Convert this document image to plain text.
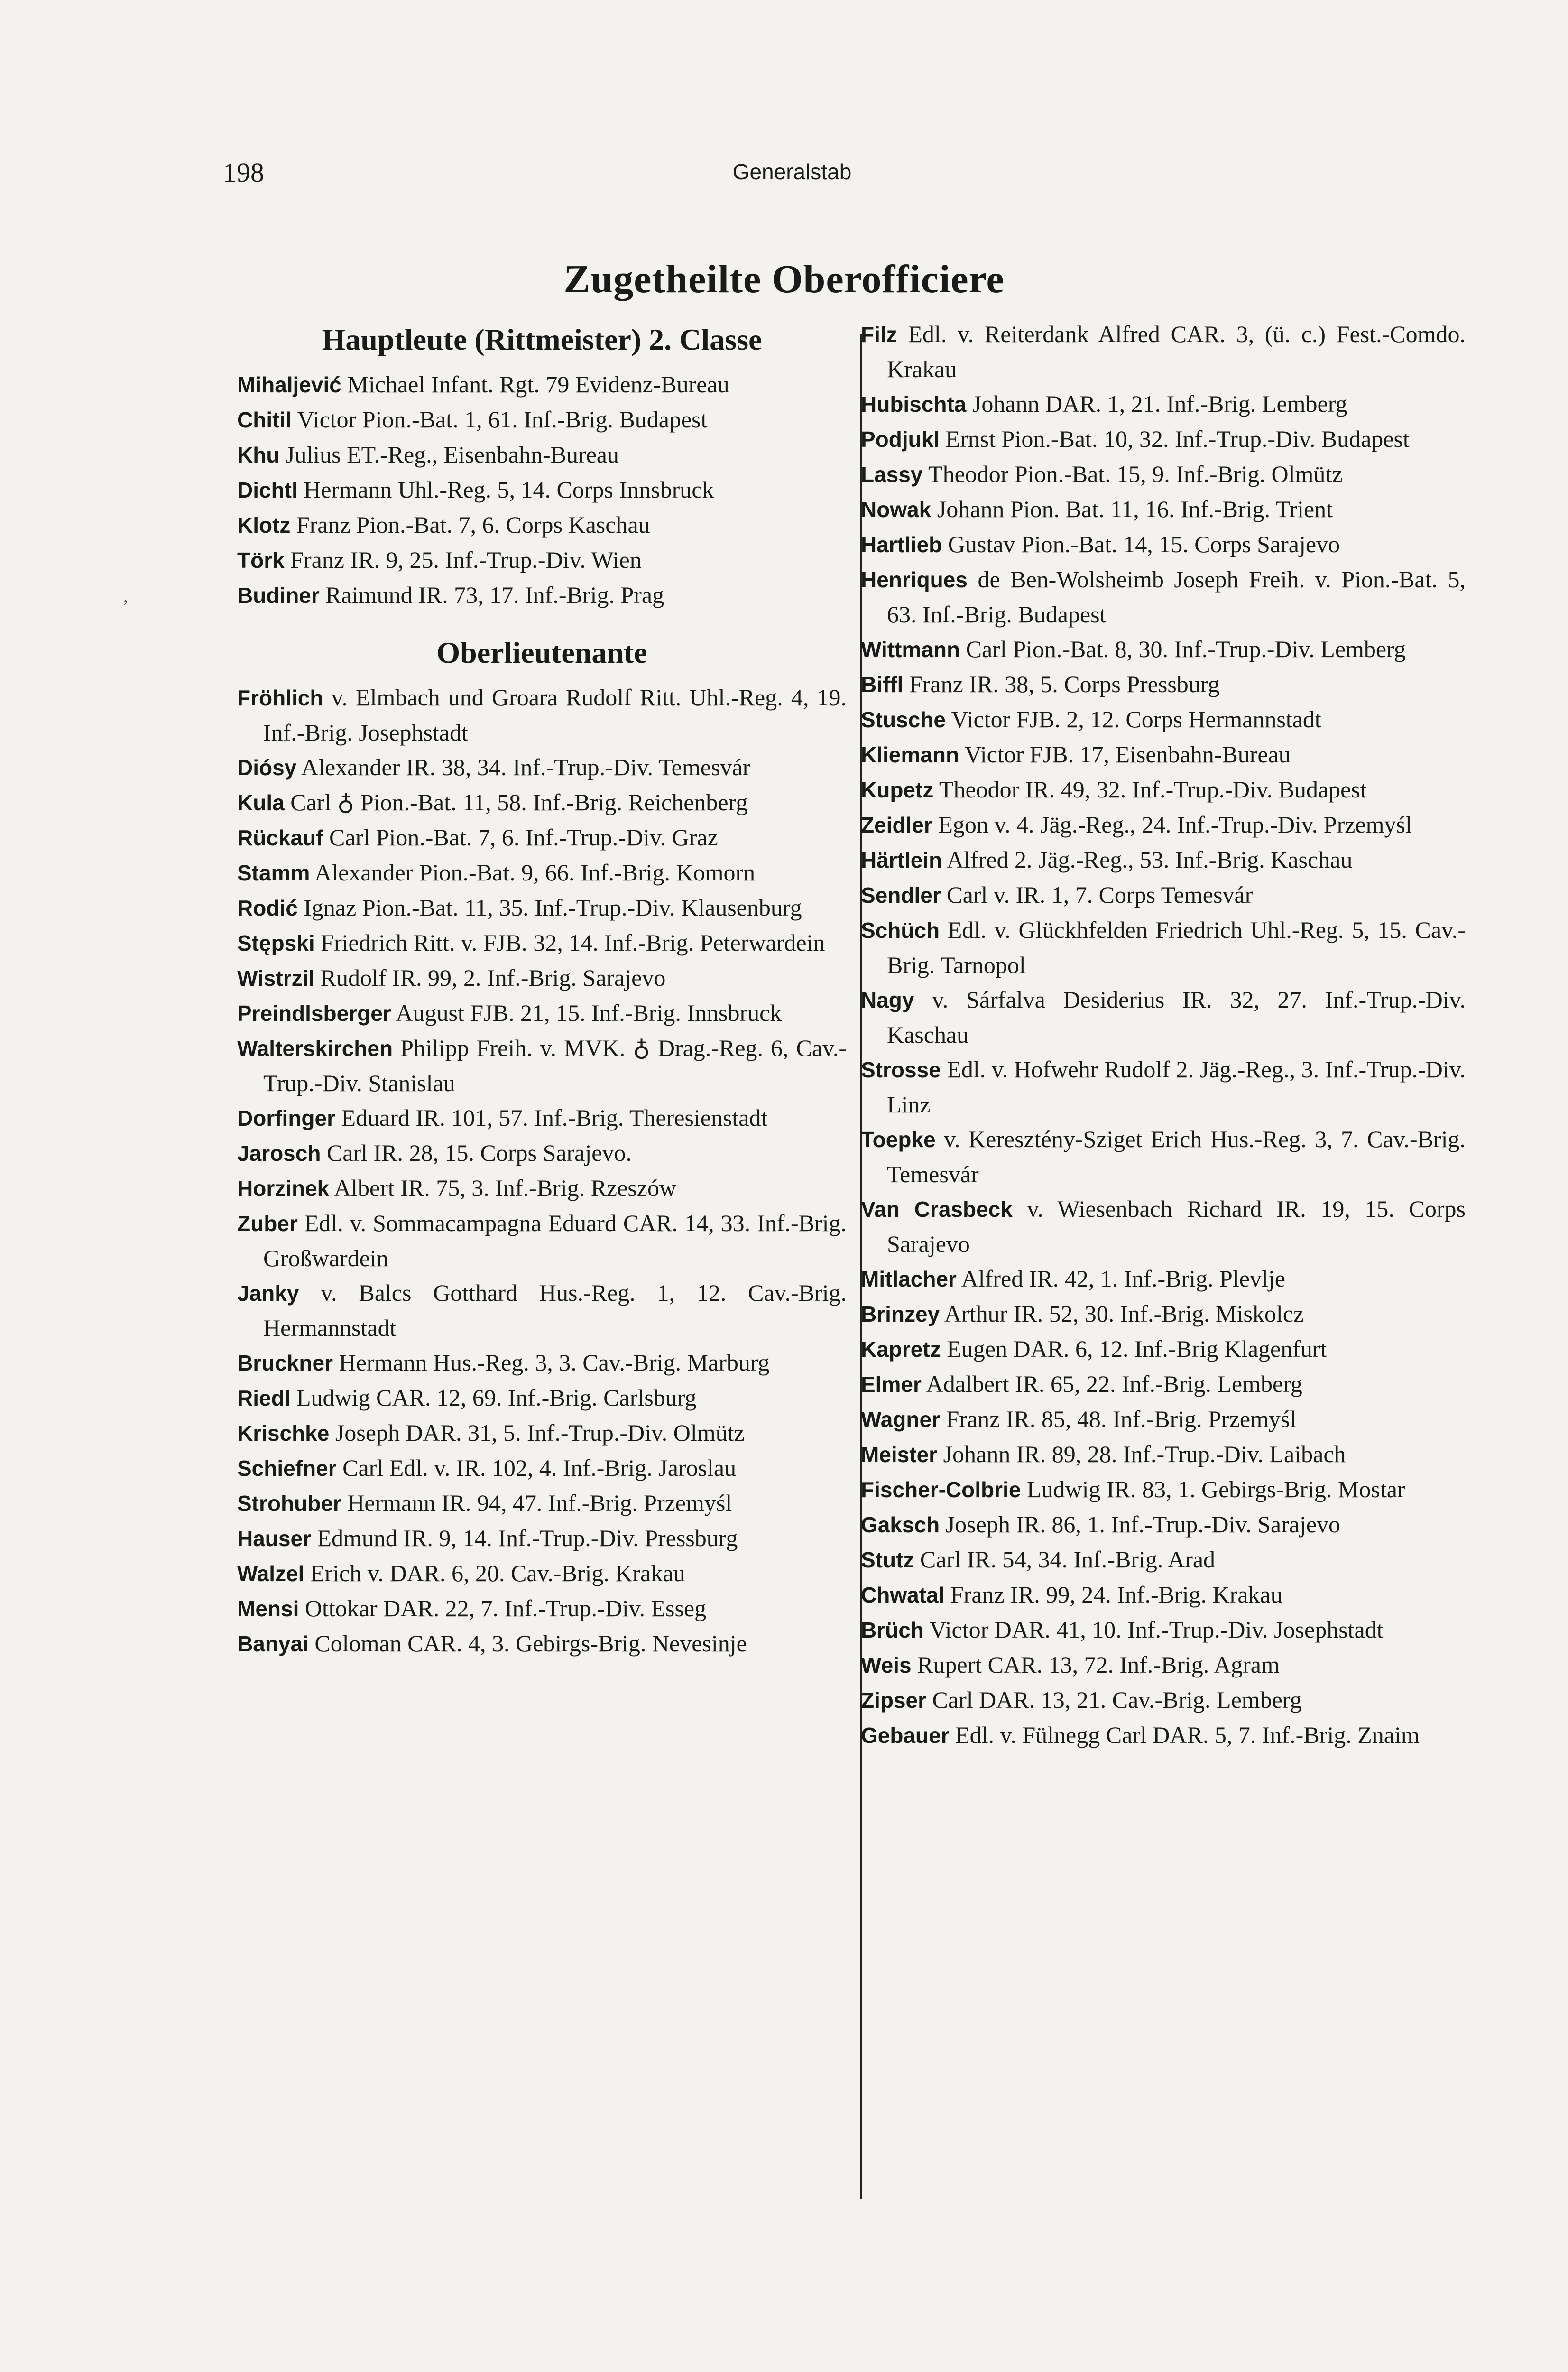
198	Generalstab
Zugetheilte Oberofficiere
ʼ
Hauptleute (Rittmeister) 2. Classe
Mihaljević Michael Infant. Rgt. 79 Evidenz-Bureau
Chitil Victor Pion.-Bat. 1, 61. Inf.-Brig. Budapest
Khu Julius ET.-Reg., Eisenbahn-Bureau
Dichtl Hermann Uhl.-Reg. 5, 14. Corps Innsbruck
Klotz Franz Pion.-Bat. 7, 6. Corps Kaschau
Törk Franz IR. 9, 25. Inf.-Trup.-Div. Wien
Budiner Raimund IR. 73, 17. Inf.-Brig. Prag
Oberlieutenante
Fröhlich v. Elmbach und Groara Rudolf Ritt. Uhl.-Reg. 4, 19. Inf.-Brig. Josephstadt
Diósy Alexander IR. 38, 34. Inf.-Trup.-Div. Temesvár
Kula Carl ♁ Pion.-Bat. 11, 58. Inf.-Brig. Reichenberg
Rückauf Carl Pion.-Bat. 7, 6. Inf.-Trup.-Div. Graz
Stamm Alexander Pion.-Bat. 9, 66. Inf.-Brig. Komorn
Rodić Ignaz Pion.-Bat. 11, 35. Inf.-Trup.-Div. Klausenburg
Stępski Friedrich Ritt. v. FJB. 32, 14. Inf.-Brig. Peterwardein
Wistrzil Rudolf IR. 99, 2. Inf.-Brig. Sarajevo
Preindlsberger August FJB. 21, 15. Inf.-Brig. Innsbruck
Walterskirchen Philipp Freih. v. MVK. ♁ Drag.-Reg. 6, Cav.-Trup.-Div. Stanislau
Dorfinger Eduard IR. 101, 57. Inf.-Brig. Theresienstadt
Jarosch Carl IR. 28, 15. Corps Sarajevo.
Horzinek Albert IR. 75, 3. Inf.-Brig. Rzeszów
Zuber Edl. v. Sommacampagna Eduard CAR. 14, 33. Inf.-Brig. Großwardein
Janky v. Balcs Gotthard Hus.-Reg. 1, 12. Cav.-Brig. Hermannstadt
Bruckner Hermann Hus.-Reg. 3, 3. Cav.-Brig. Marburg
Riedl Ludwig CAR. 12, 69. Inf.-Brig. Carlsburg
Krischke Joseph DAR. 31, 5. Inf.-Trup.-Div. Olmütz
Schiefner Carl Edl. v. IR. 102, 4. Inf.-Brig. Jaroslau
Strohuber Hermann IR. 94, 47. Inf.-Brig. Przemyśl
Hauser Edmund IR. 9, 14. Inf.-Trup.-Div. Pressburg
Walzel Erich v. DAR. 6, 20. Cav.-Brig. Krakau
Mensi Ottokar DAR. 22, 7. Inf.-Trup.-Div. Esseg
Banyai Coloman CAR. 4, 3. Gebirgs-Brig. Nevesinje
Filz Edl. v. Reiterdank Alfred CAR. 3, (ü. c.) Fest.-Comdo. Krakau
Hubischta Johann DAR. 1, 21. Inf.-Brig. Lemberg
Podjukl Ernst Pion.-Bat. 10, 32. Inf.-Trup.-Div. Budapest
Lassy Theodor Pion.-Bat. 15, 9. Inf.-Brig. Olmütz
Nowak Johann Pion. Bat. 11, 16. Inf.-Brig. Trient
Hartlieb Gustav Pion.-Bat. 14, 15. Corps Sarajevo
Henriques de Ben-Wolsheimb Joseph Freih. v. Pion.-Bat. 5, 63. Inf.-Brig. Budapest
Wittmann Carl Pion.-Bat. 8, 30. Inf.-Trup.-Div. Lemberg
Biffl Franz IR. 38, 5. Corps Pressburg
Stusche Victor FJB. 2, 12. Corps Hermannstadt
Kliemann Victor FJB. 17, Eisenbahn-Bureau
Kupetz Theodor IR. 49, 32. Inf.-Trup.-Div. Budapest
Zeidler Egon v. 4. Jäg.-Reg., 24. Inf.-Trup.-Div. Przemyśl
Härtlein Alfred 2. Jäg.-Reg., 53. Inf.-Brig. Kaschau
Sendler Carl v. IR. 1, 7. Corps Temesvár
Schüch Edl. v. Glückhfelden Friedrich Uhl.-Reg. 5, 15. Cav.-Brig. Tarnopol
Nagy v. Sárfalva Desiderius IR. 32, 27. Inf.-Trup.-Div. Kaschau
Strosse Edl. v. Hofwehr Rudolf 2. Jäg.-Reg., 3. Inf.-Trup.-Div. Linz
Toepke v. Keresztény-Sziget Erich Hus.-Reg. 3, 7. Cav.-Brig. Temesvár
Van Crasbeck v. Wiesenbach Richard IR. 19, 15. Corps Sarajevo
Mitlacher Alfred IR. 42, 1. Inf.-Brig. Plevlje
Brinzey Arthur IR. 52, 30. Inf.-Brig. Miskolcz
Kapretz Eugen DAR. 6, 12. Inf.-Brig Klagenfurt
Elmer Adalbert IR. 65, 22. Inf.-Brig. Lemberg
Wagner Franz IR. 85, 48. Inf.-Brig. Przemyśl
Meister Johann IR. 89, 28. Inf.-Trup.-Div. Laibach
Fischer-Colbrie Ludwig IR. 83, 1. Gebirgs-Brig. Mostar
Gaksch Joseph IR. 86, 1. Inf.-Trup.-Div. Sarajevo
Stutz Carl IR. 54, 34. Inf.-Brig. Arad
Chwatal Franz IR. 99, 24. Inf.-Brig. Krakau
Brüch Victor DAR. 41, 10. Inf.-Trup.-Div. Josephstadt
Weis Rupert CAR. 13, 72. Inf.-Brig. Agram
Zipser Carl DAR. 13, 21. Cav.-Brig. Lemberg
Gebauer Edl. v. Fülnegg Carl DAR. 5, 7. Inf.-Brig. Znaim
